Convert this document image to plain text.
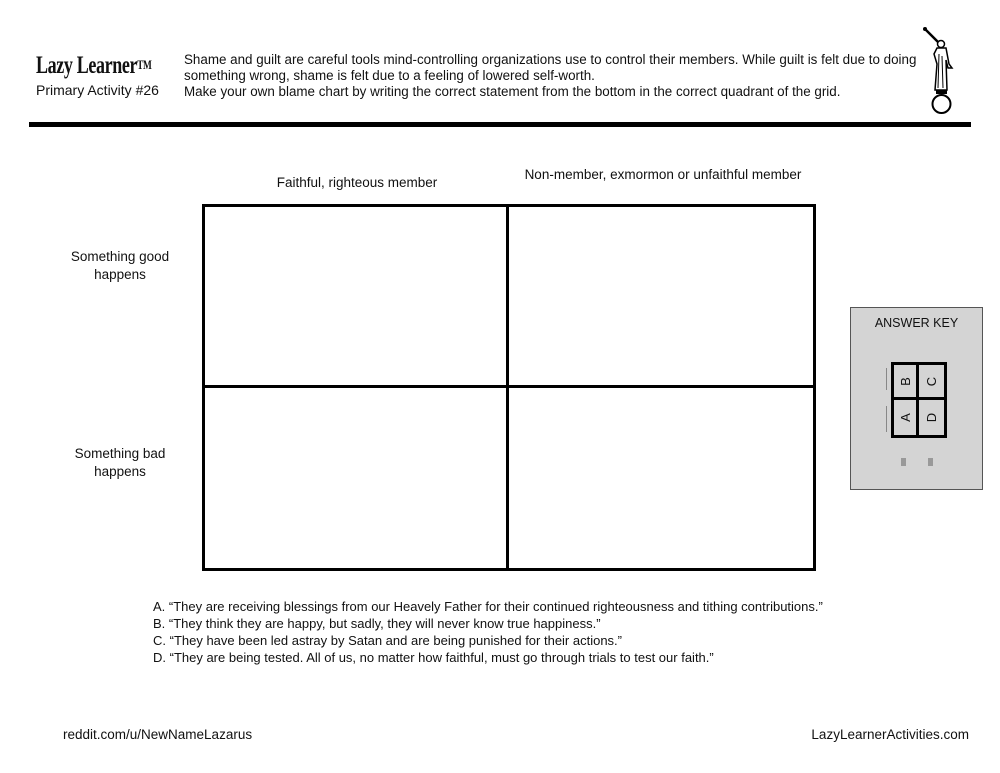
Lazy Learner™
Primary Activity #26

Shame and guilt are careful tools mind-controlling organizations use to control their members. While guilt is felt due to doing something wrong, shame is felt due to a feeling of lowered self-worth.

Make your own blame chart by writing the correct statement from the bottom in the correct quadrant of the grid.

Faithful, righteous member
Non-member, exmormon or unfaithful member
Something good happens
Something bad happens
ANSWER KEY
B C
A D
A. “They are receiving blessings from our Heavely Father for their continued righteousness and tithing contributions.”
B. “They think they are happy, but sadly, they will never know true happiness.”
C. “They have been led astray by Satan and are being punished for their actions.”
D. “They are being tested. All of us, no matter how faithful, must go through trials to test our faith.”
reddit.com/u/NewNameLazarus	LazyLearnerActivities.com
